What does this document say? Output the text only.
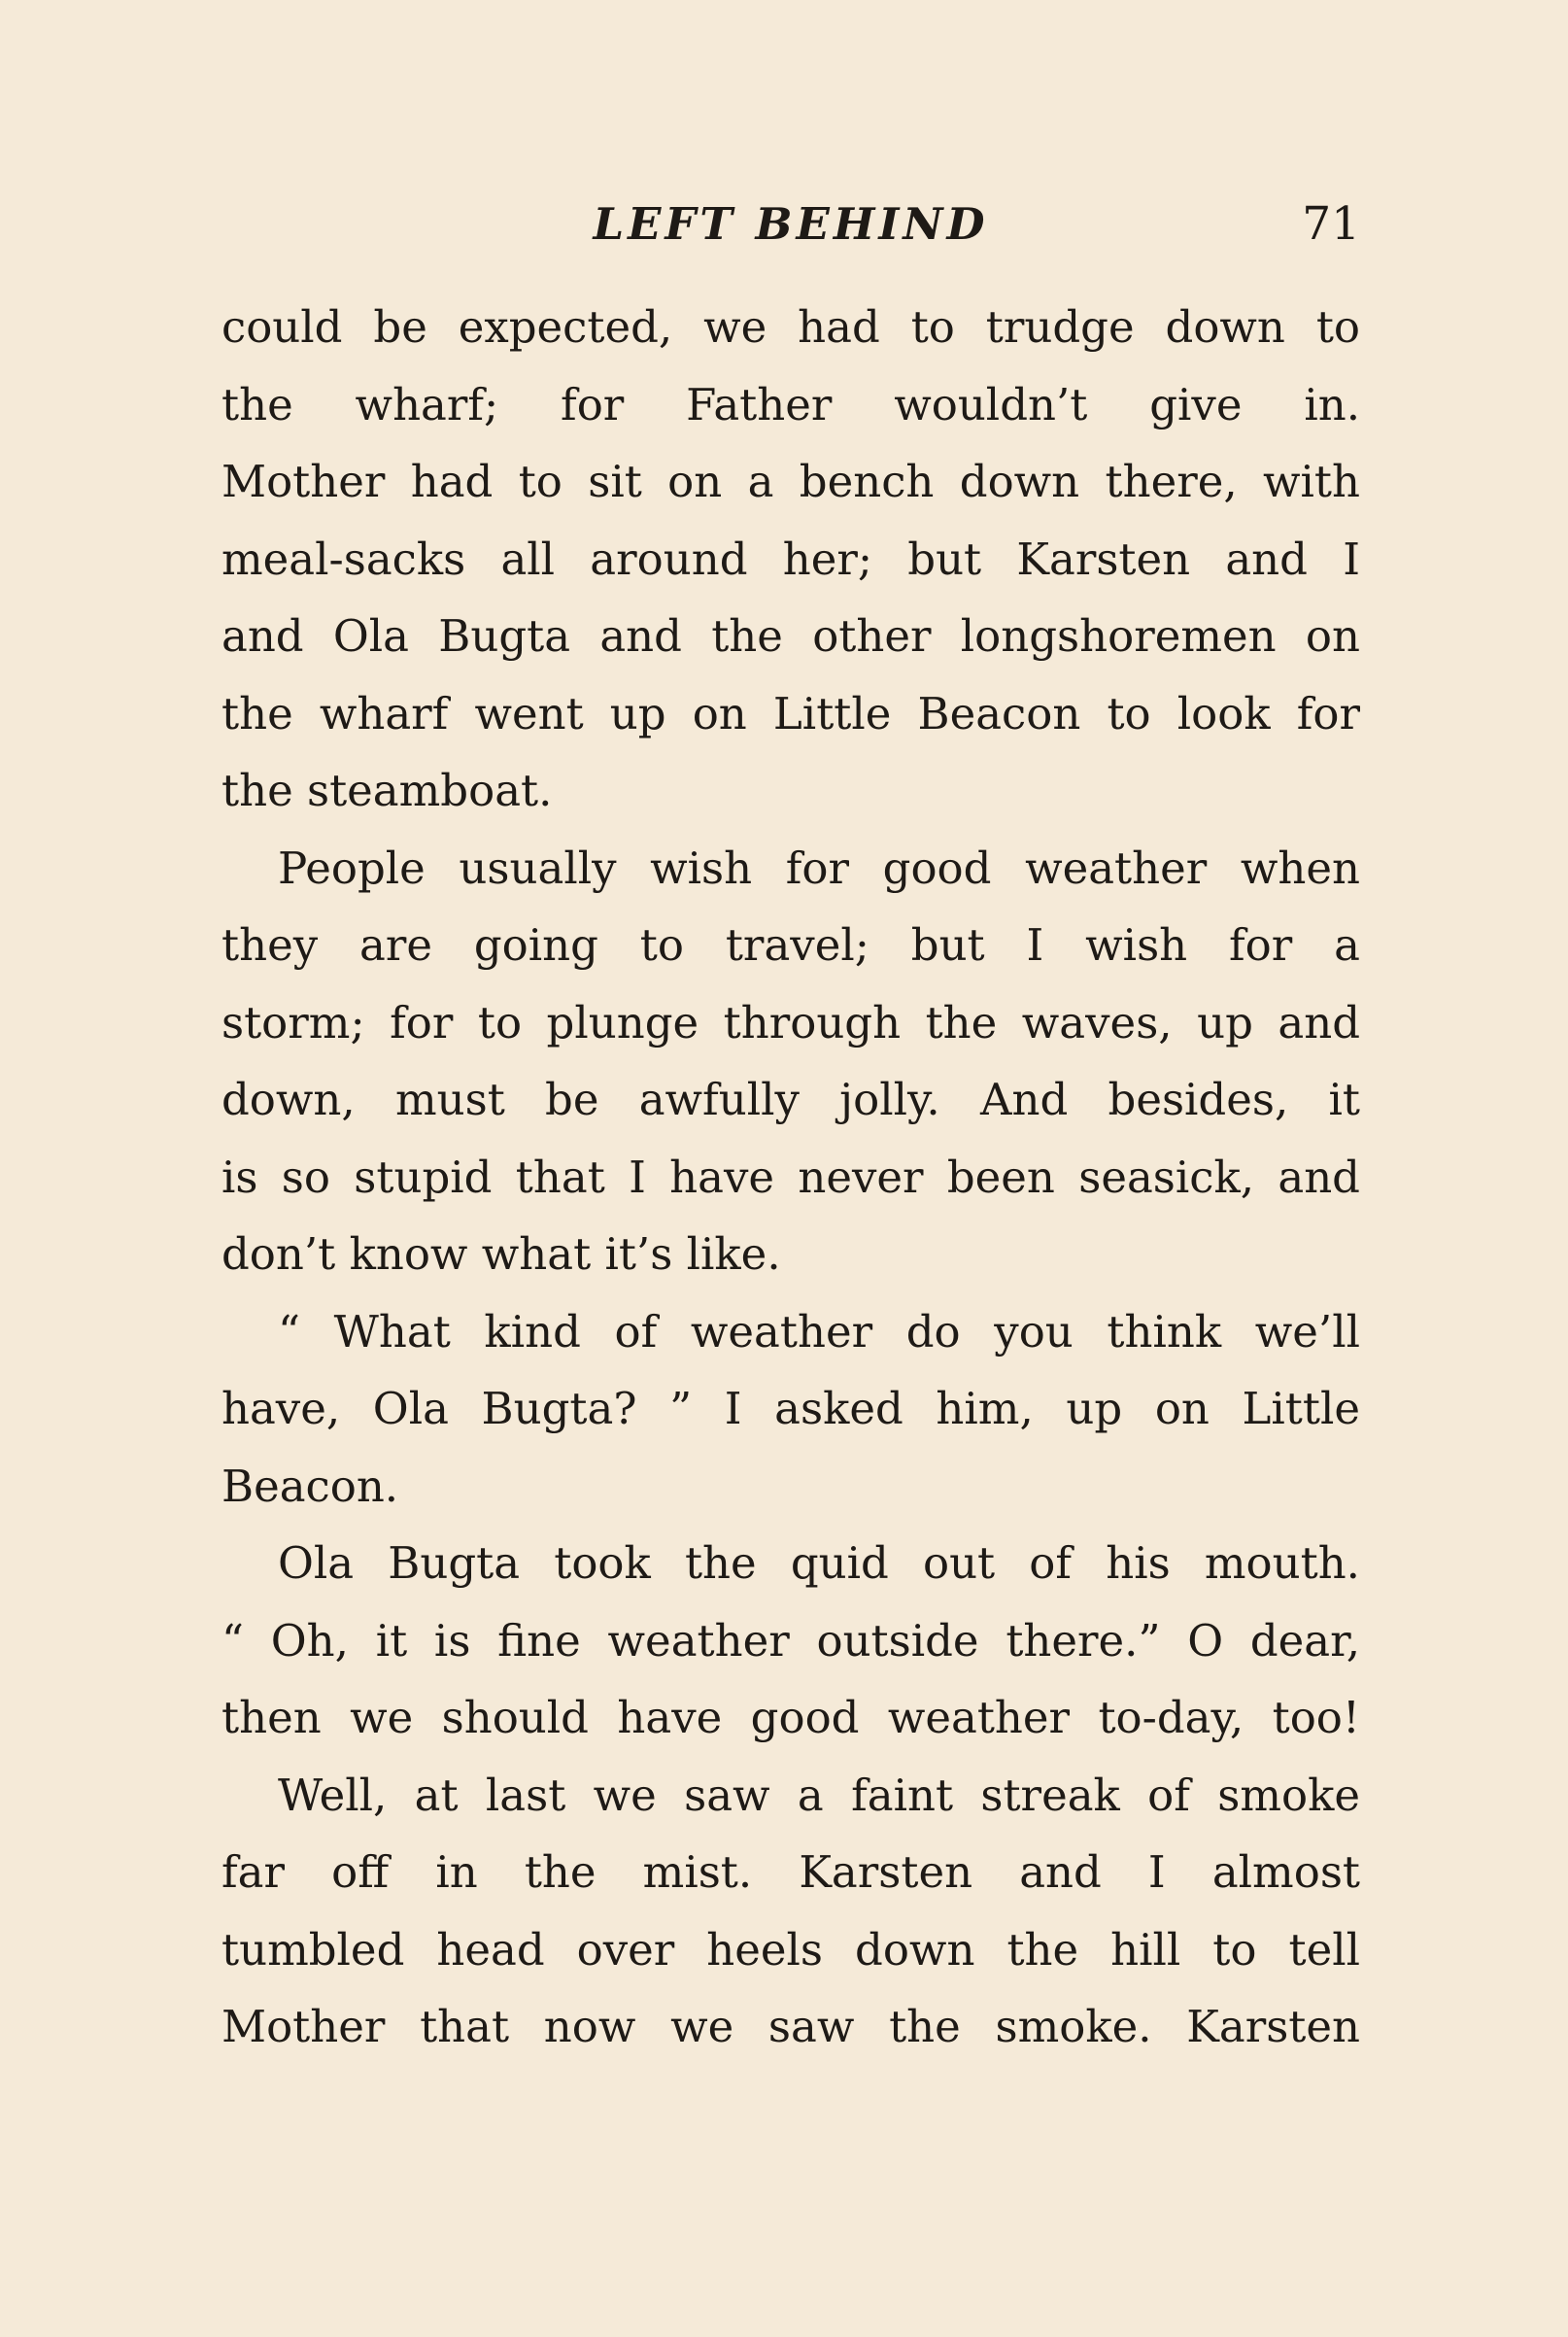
LEFT BEHIND	71
could be expected, we had to trudge down to
the wharf; for Father wouldn’t give in.
Mother had to sit on a bench down there, with
meal-sacks all around her; but Karsten and I
and Ola Bugta and the other longshoremen on
the wharf went up on Little Beacon to look for
the steamboat.
People usually wish for good weather when
they are going to travel; but I wish for a
storm; for to plunge through the waves, up and
down, must be awfully jolly. And besides, it
is so stupid that I have never been seasick, and
don’t know what it’s like.
“ What kind of weather do you think we’ll
have, Ola Bugta? ” I asked him, up on Little
Beacon.
Ola Bugta took the quid out of his mouth.
“ Oh, it is fine weather outside there.” O dear,
then we should have good weather to-day, too!
Well, at last we saw a faint streak of smoke
far off in the mist. Karsten and I almost
tumbled head over heels down the hill to tell
Mother that now we saw the smoke. Karsten
